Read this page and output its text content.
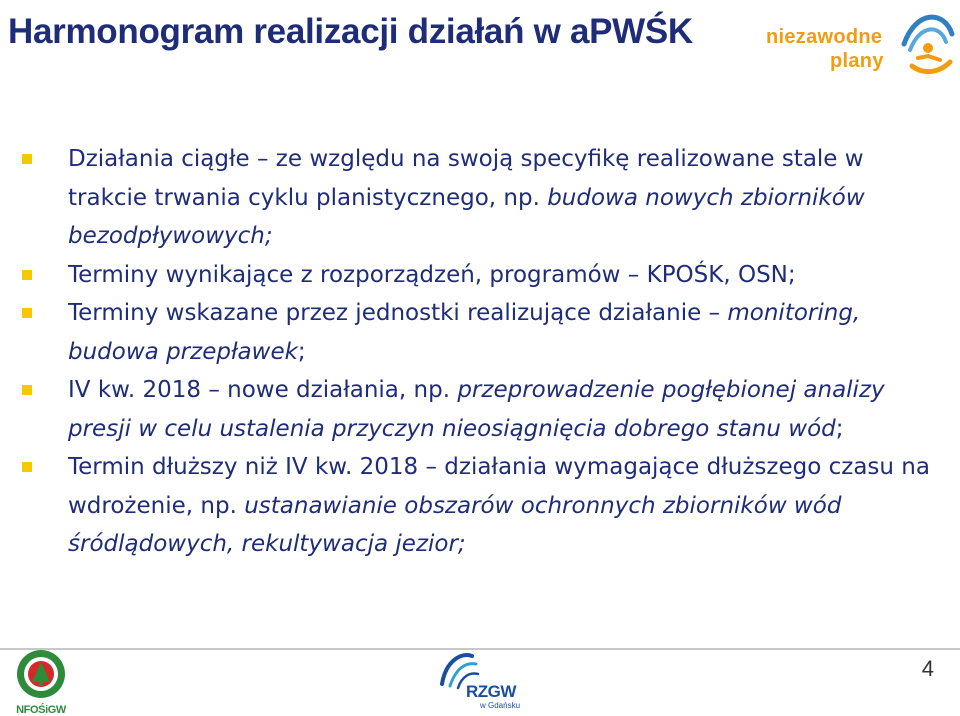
Harmonogram realizacji działań w aPWŚK	niezawodne
plany

Działania ciągłe – ze względu na swoją specyfikę realizowane stale w trakcie trwania cyklu planistycznego, np. budowa nowych zbiorników bezodpływowych;

Terminy wynikające z rozporządzeń, programów – KPOŚK, OSN;

Terminy wskazane przez jednostki realizujące działanie – monitoring, budowa przepławek;

IV kw. 2018 – nowe działania, np. przeprowadzenie pogłębionej analizy presji w celu ustalenia przyczyn nieosiągnięcia dobrego stanu wód;

Termin dłuższy niż IV kw. 2018 – działania wymagające dłuższego czasu na wdrożenie, np. ustanawianie obszarów ochronnych zbiorników wód śródlądowych, rekultywacja jezior;

NFOŚiGW
RZGW
w Gdańsku
4
